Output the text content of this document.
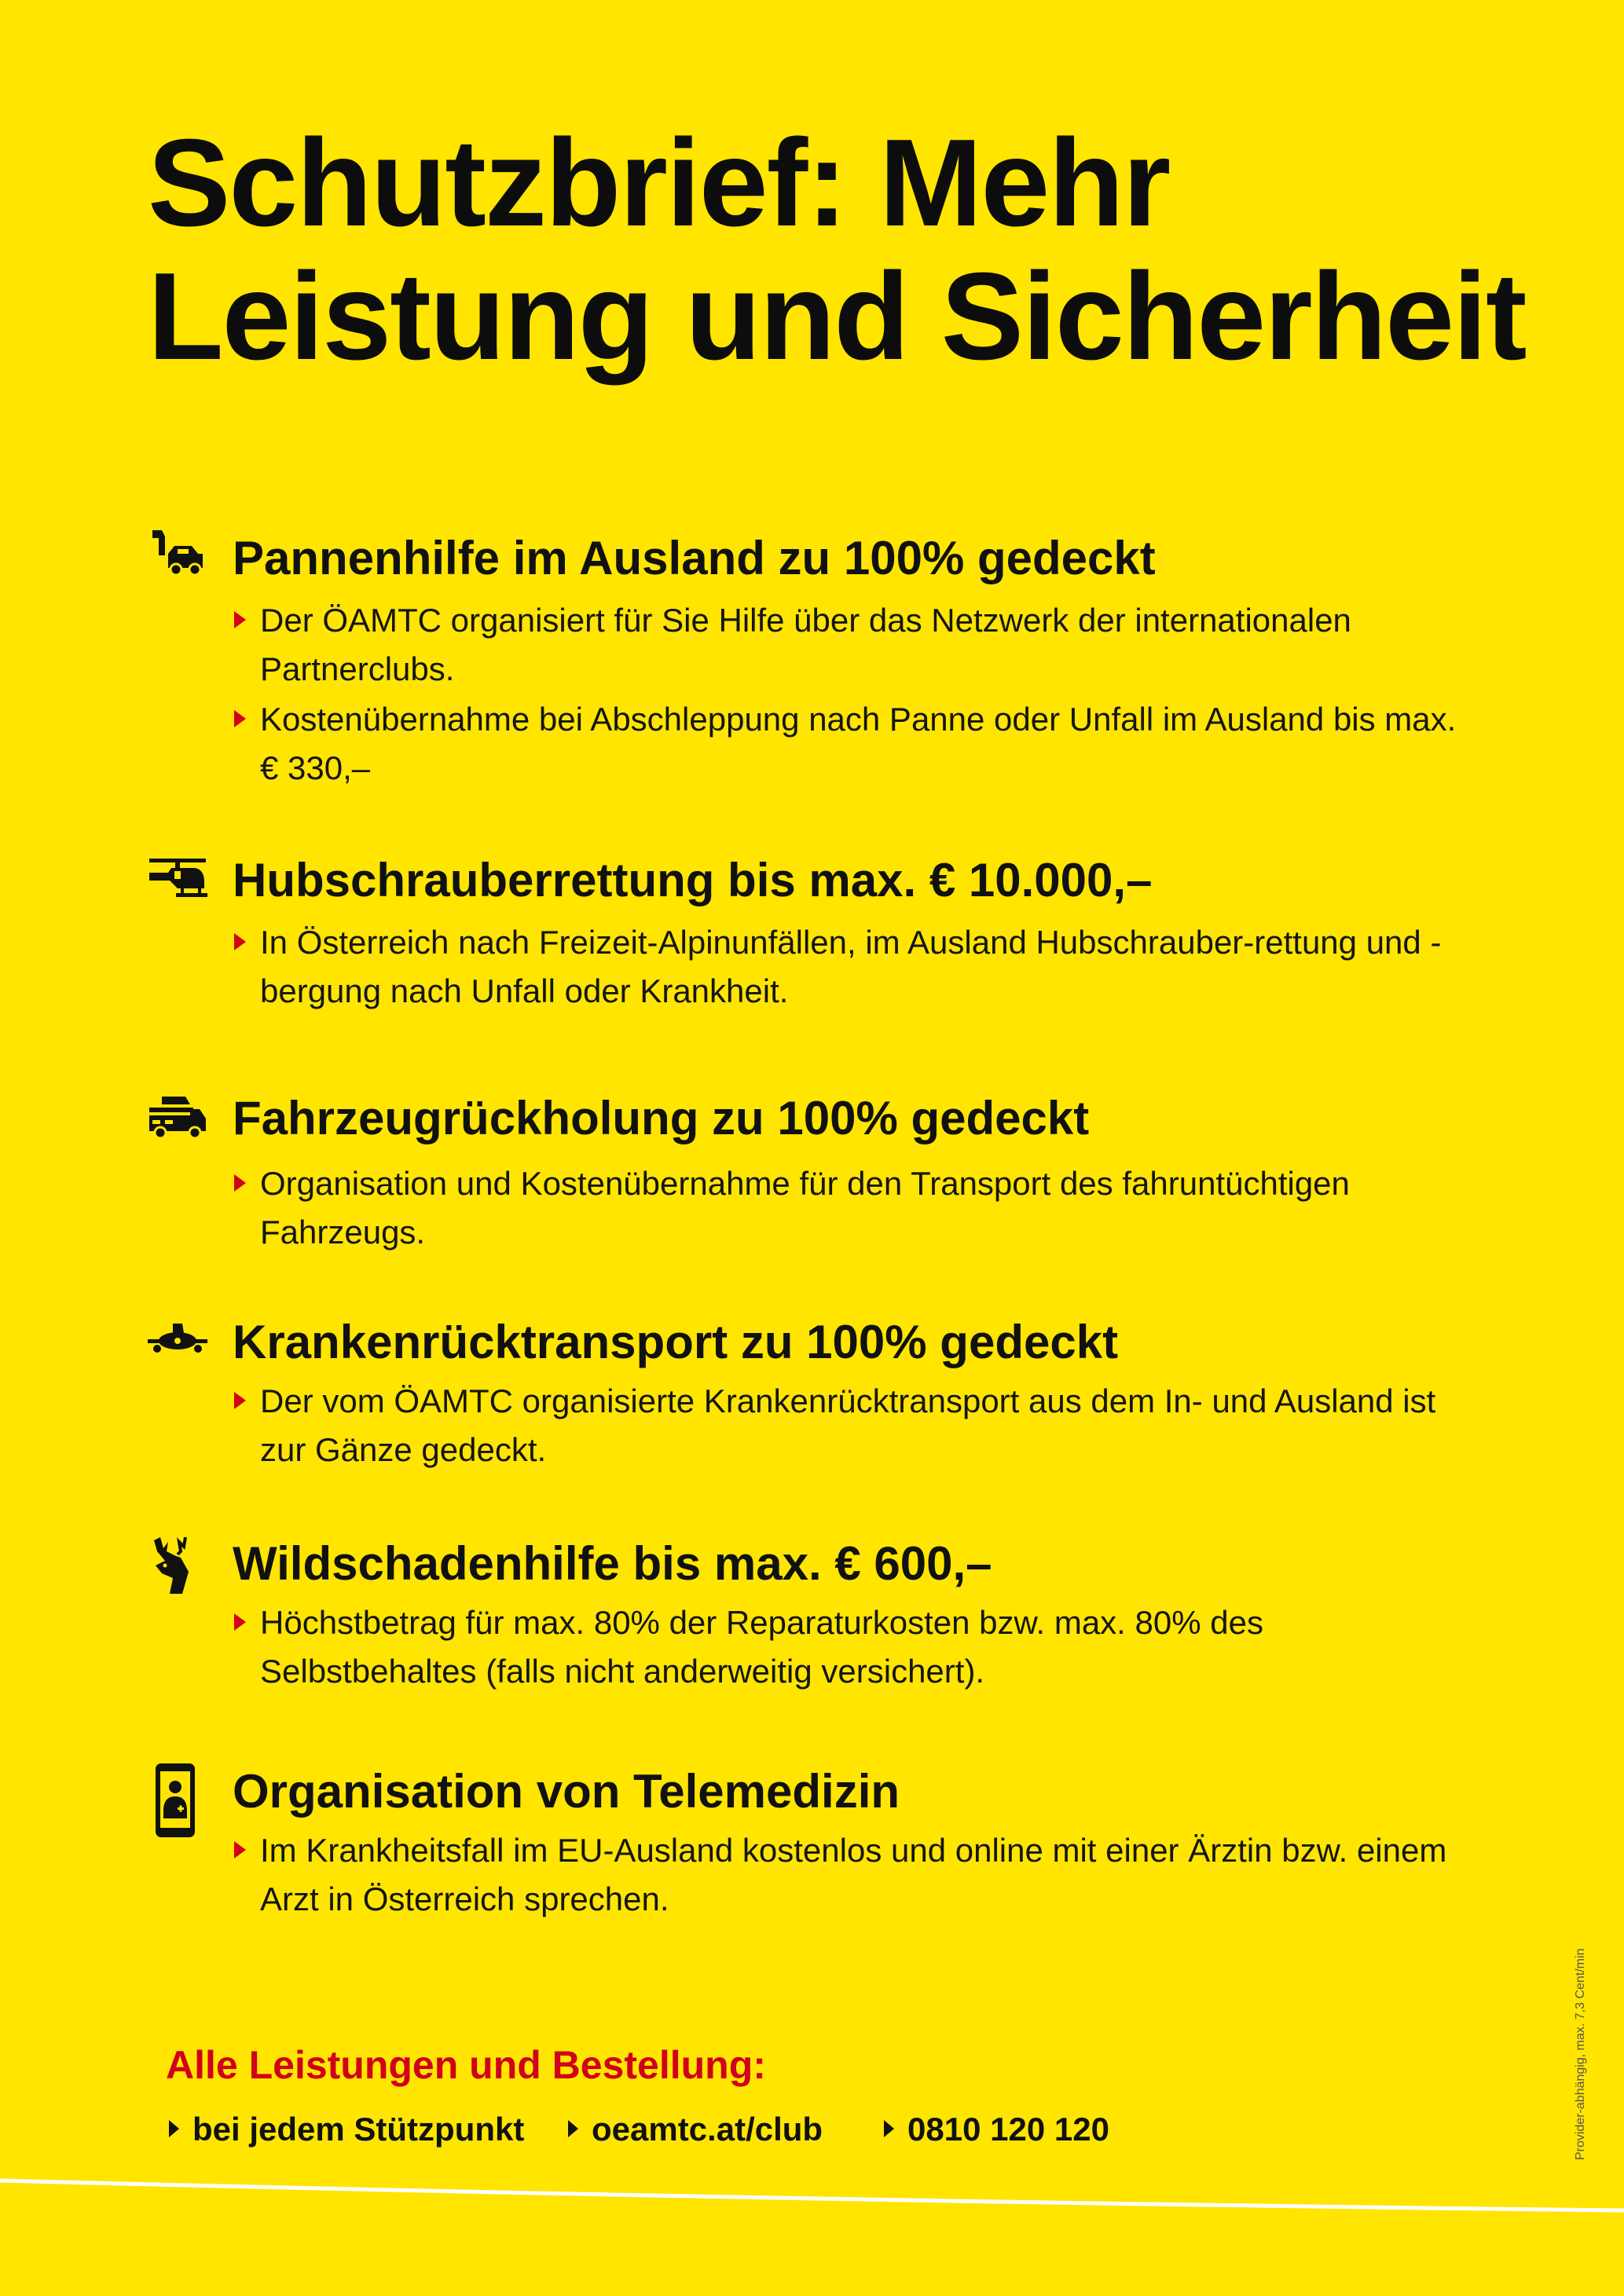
Schutzbrief: Mehr
Leistung und Sicherheit
Pannenhilfe im Ausland zu 100% gedeckt
Der ÖAMTC organisiert für Sie Hilfe über das Netzwerk der internationalen Partnerclubs.
Kostenübernahme bei Abschleppung nach Panne oder Unfall im Ausland bis max. € 330,–
Hubschrauberrettung bis max. € 10.000,–
In Österreich nach Freizeit-Alpinunfällen, im Ausland Hubschrauber-rettung und -bergung nach Unfall oder Krankheit.
Fahrzeugrückholung zu 100% gedeckt
Organisation und Kostenübernahme für den Transport des fahruntüchtigen Fahrzeugs.
Krankenrücktransport zu 100% gedeckt
Der vom ÖAMTC organisierte Krankenrücktransport aus dem In- und Ausland ist zur Gänze gedeckt.
Wildschadenhilfe bis max. € 600,–
Höchstbetrag für max. 80% der Reparaturkosten bzw. max. 80% des Selbstbehaltes (falls nicht anderweitig versichert).
Organisation von Telemedizin
Im Krankheitsfall im EU-Ausland kostenlos und online mit einer Ärztin bzw. einem Arzt in Österreich sprechen.
Alle Leistungen und Bestellung:
bei jedem Stützpunkt	oeamtc.at/club	0810 120 120	Provider-abhängig, max. 7,3 Cent/min
